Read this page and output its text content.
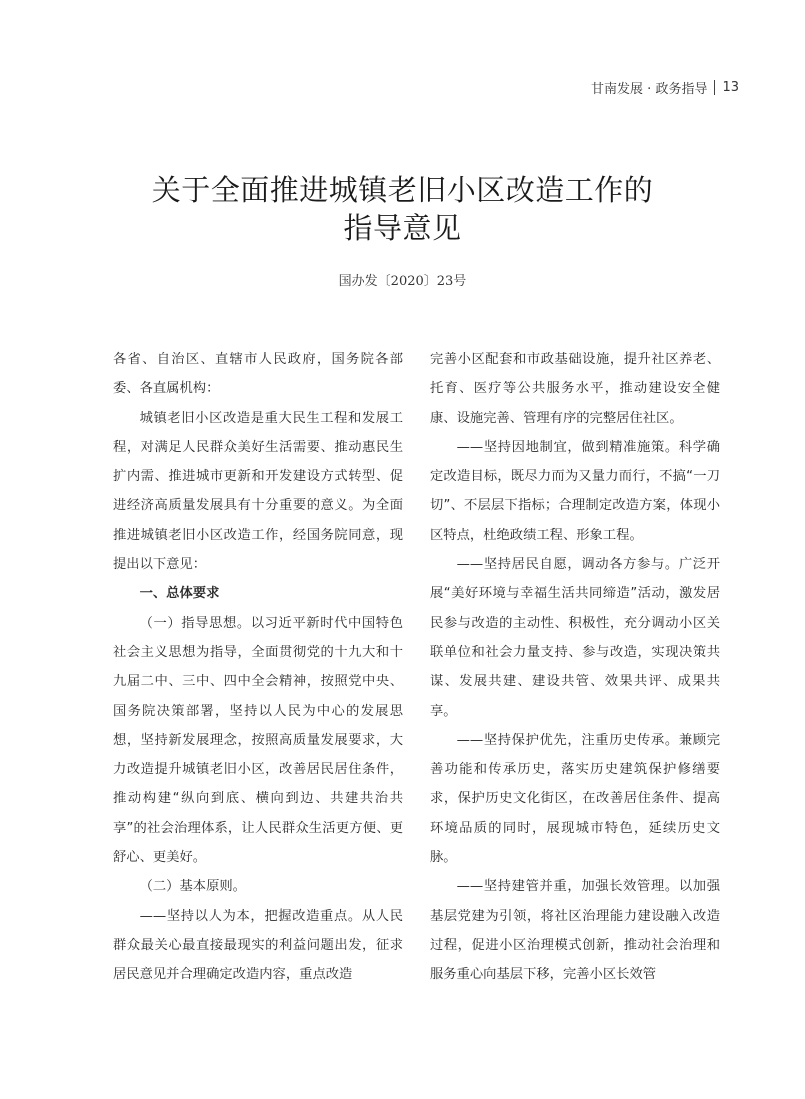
甘南发展 · 政务指导 13
关于全面推进城镇老旧小区改造工作的
指导意见
国办发〔2020〕23号

各省、自治区、直辖市人民政府，国务院各部委、各直属机构：

城镇老旧小区改造是重大民生工程和发展工程，对满足人民群众美好生活需要、推动惠民生扩内需、推进城市更新和开发建设方式转型、促进经济高质量发展具有十分重要的意义。为全面推进城镇老旧小区改造工作，经国务院同意，现提出以下意见：

一、总体要求

（一）指导思想。以习近平新时代中国特色社会主义思想为指导，全面贯彻党的十九大和十九届二中、三中、四中全会精神，按照党中央、国务院决策部署，坚持以人民为中心的发展思想，坚持新发展理念，按照高质量发展要求，大力改造提升城镇老旧小区，改善居民居住条件，推动构建“纵向到底、横向到边、共建共治共享”的社会治理体系，让人民群众生活更方便、更舒心、更美好。

（二）基本原则。

——坚持以人为本，把握改造重点。从人民群众最关心最直接最现实的利益问题出发，征求居民意见并合理确定改造内容，重点改造

完善小区配套和市政基础设施，提升社区养老、托育、医疗等公共服务水平，推动建设安全健康、设施完善、管理有序的完整居住社区。

——坚持因地制宜，做到精准施策。科学确定改造目标，既尽力而为又量力而行，不搞“一刀切”、不层层下指标；合理制定改造方案，体现小区特点，杜绝政绩工程、形象工程。

——坚持居民自愿，调动各方参与。广泛开展“美好环境与幸福生活共同缔造”活动，激发居民参与改造的主动性、积极性，充分调动小区关联单位和社会力量支持、参与改造，实现决策共谋、发展共建、建设共管、效果共评、成果共享。

——坚持保护优先，注重历史传承。兼顾完善功能和传承历史，落实历史建筑保护修缮要求，保护历史文化街区，在改善居住条件、提高环境品质的同时，展现城市特色，延续历史文脉。

——坚持建管并重，加强长效管理。以加强基层党建为引领，将社区治理能力建设融入改造过程，促进小区治理模式创新，推动社会治理和服务重心向基层下移，完善小区长效管
